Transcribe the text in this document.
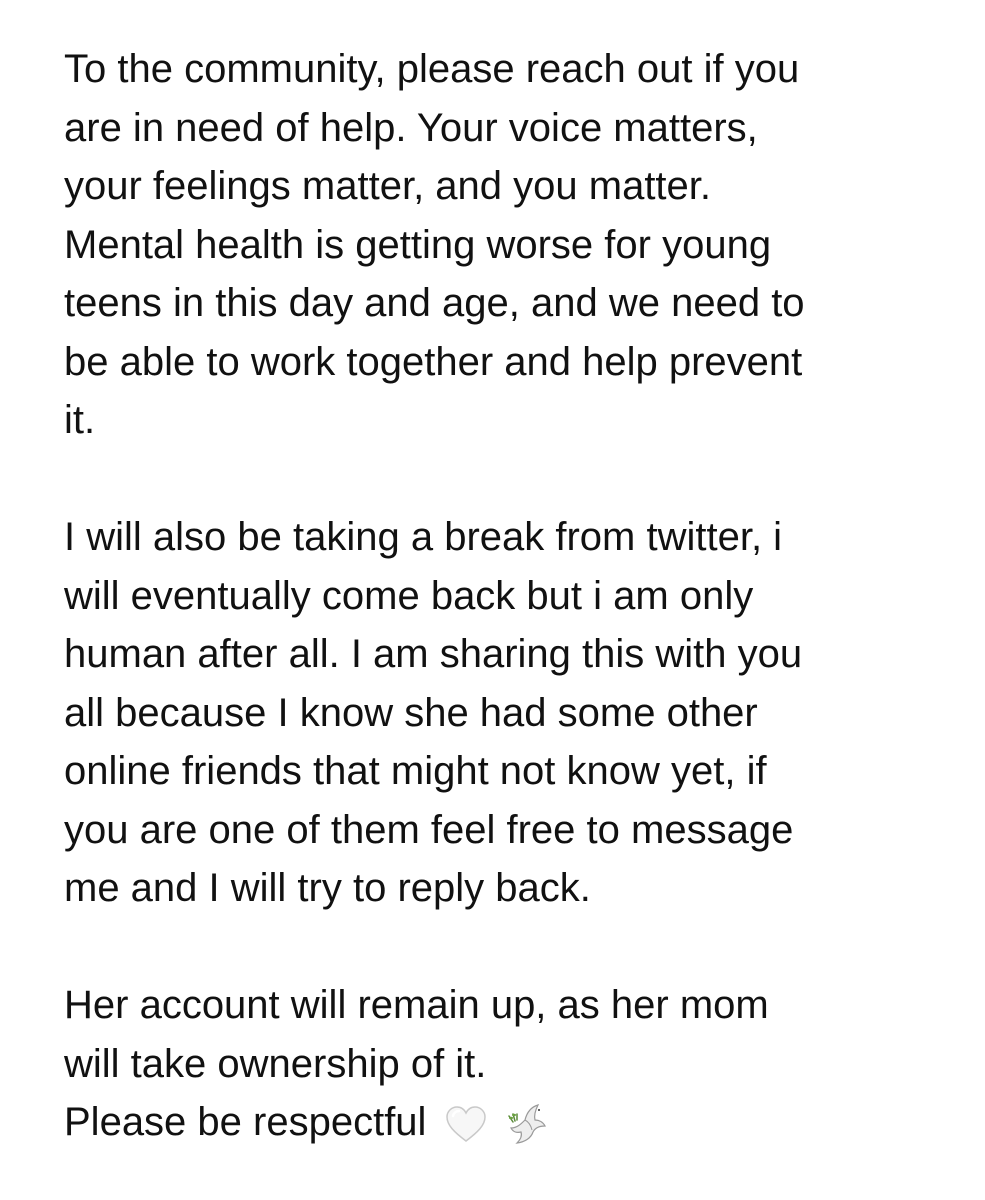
To the community, please reach out if you
are in need of help. Your voice matters,
your feelings matter, and you matter.
Mental health is getting worse for young
teens in this day and age, and we need to
be able to work together and help prevent
it.
I will also be taking a break from twitter, i
will eventually come back but i am only
human after all. I am sharing this with you
all because I know she had some other
online friends that might not know yet, if
you are one of them feel free to message
me and I will try to reply back.
Her account will remain up, as her mom
will take ownership of it.
Please be respectful
